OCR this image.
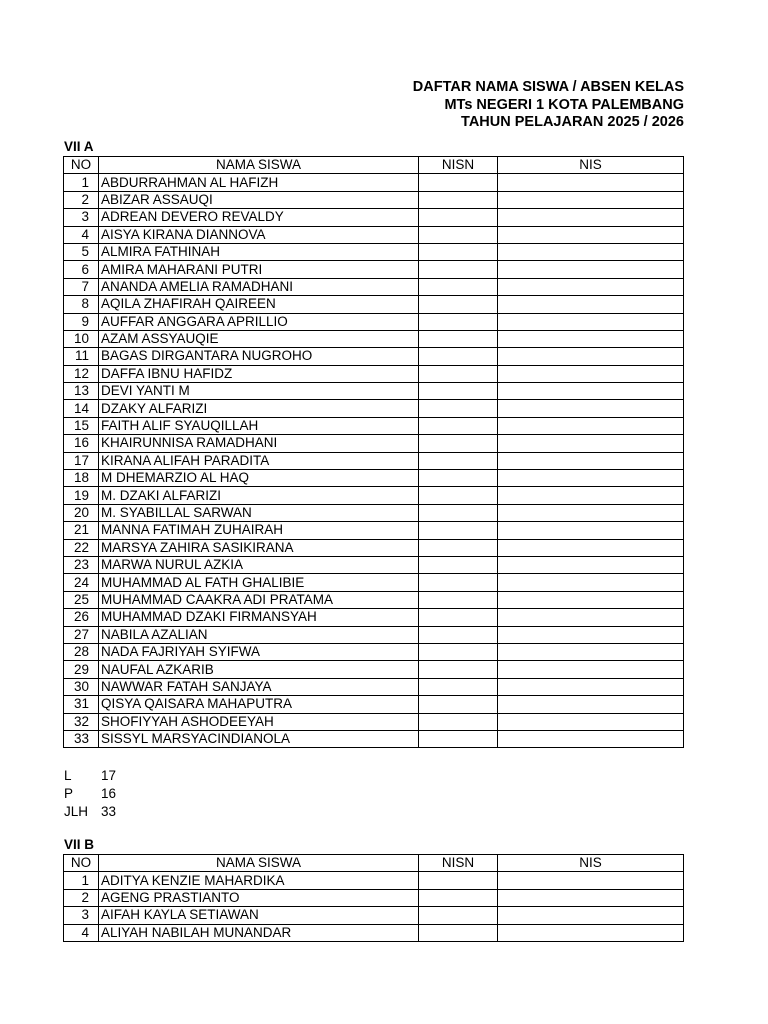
DAFTAR NAMA SISWA / ABSEN KELAS
MTs NEGERI 1 KOTA PALEMBANG
TAHUN PELAJARAN 2025 / 2026
VII A
NO	NAMA SISWA	NISN	NIS
1	ABDURRAHMAN AL HAFIZH		
2	ABIZAR ASSAUQI		
3	ADREAN DEVERO REVALDY		
4	AISYA KIRANA DIANNOVA		
5	ALMIRA FATHINAH		
6	AMIRA MAHARANI PUTRI		
7	ANANDA AMELIA RAMADHANI		
8	AQILA ZHAFIRAH QAIREEN		
9	AUFFAR ANGGARA APRILLIO		
10	AZAM ASSYAUQIE		
11	BAGAS DIRGANTARA NUGROHO		
12	DAFFA IBNU HAFIDZ		
13	DEVI YANTI M		
14	DZAKY ALFARIZI		
15	FAITH ALIF SYAUQILLAH		
16	KHAIRUNNISA RAMADHANI		
17	KIRANA ALIFAH PARADITA		
18	M DHEMARZIO AL HAQ		
19	M. DZAKI ALFARIZI		
20	M. SYABILLAL SARWAN		
21	MANNA FATIMAH ZUHAIRAH		
22	MARSYA ZAHIRA SASIKIRANA		
23	MARWA NURUL AZKIA		
24	MUHAMMAD AL FATH GHALIBIE		
25	MUHAMMAD CAAKRA ADI PRATAMA		
26	MUHAMMAD DZAKI FIRMANSYAH		
27	NABILA AZALIAN		
28	NADA FAJRIYAH SYIFWA		
29	NAUFAL AZKARIB		
30	NAWWAR FATAH SANJAYA		
31	QISYA QAISARA MAHAPUTRA		
32	SHOFIYYAH ASHODEEYAH		
33	SISSYL MARSYACINDIANOLA		
L 17
P 16
JLH 33
VII B
NO	NAMA SISWA	NISN	NIS
1	ADITYA KENZIE MAHARDIKA		
2	AGENG PRASTIANTO		
3	AIFAH KAYLA SETIAWAN		
4	ALIYAH NABILAH MUNANDAR		
